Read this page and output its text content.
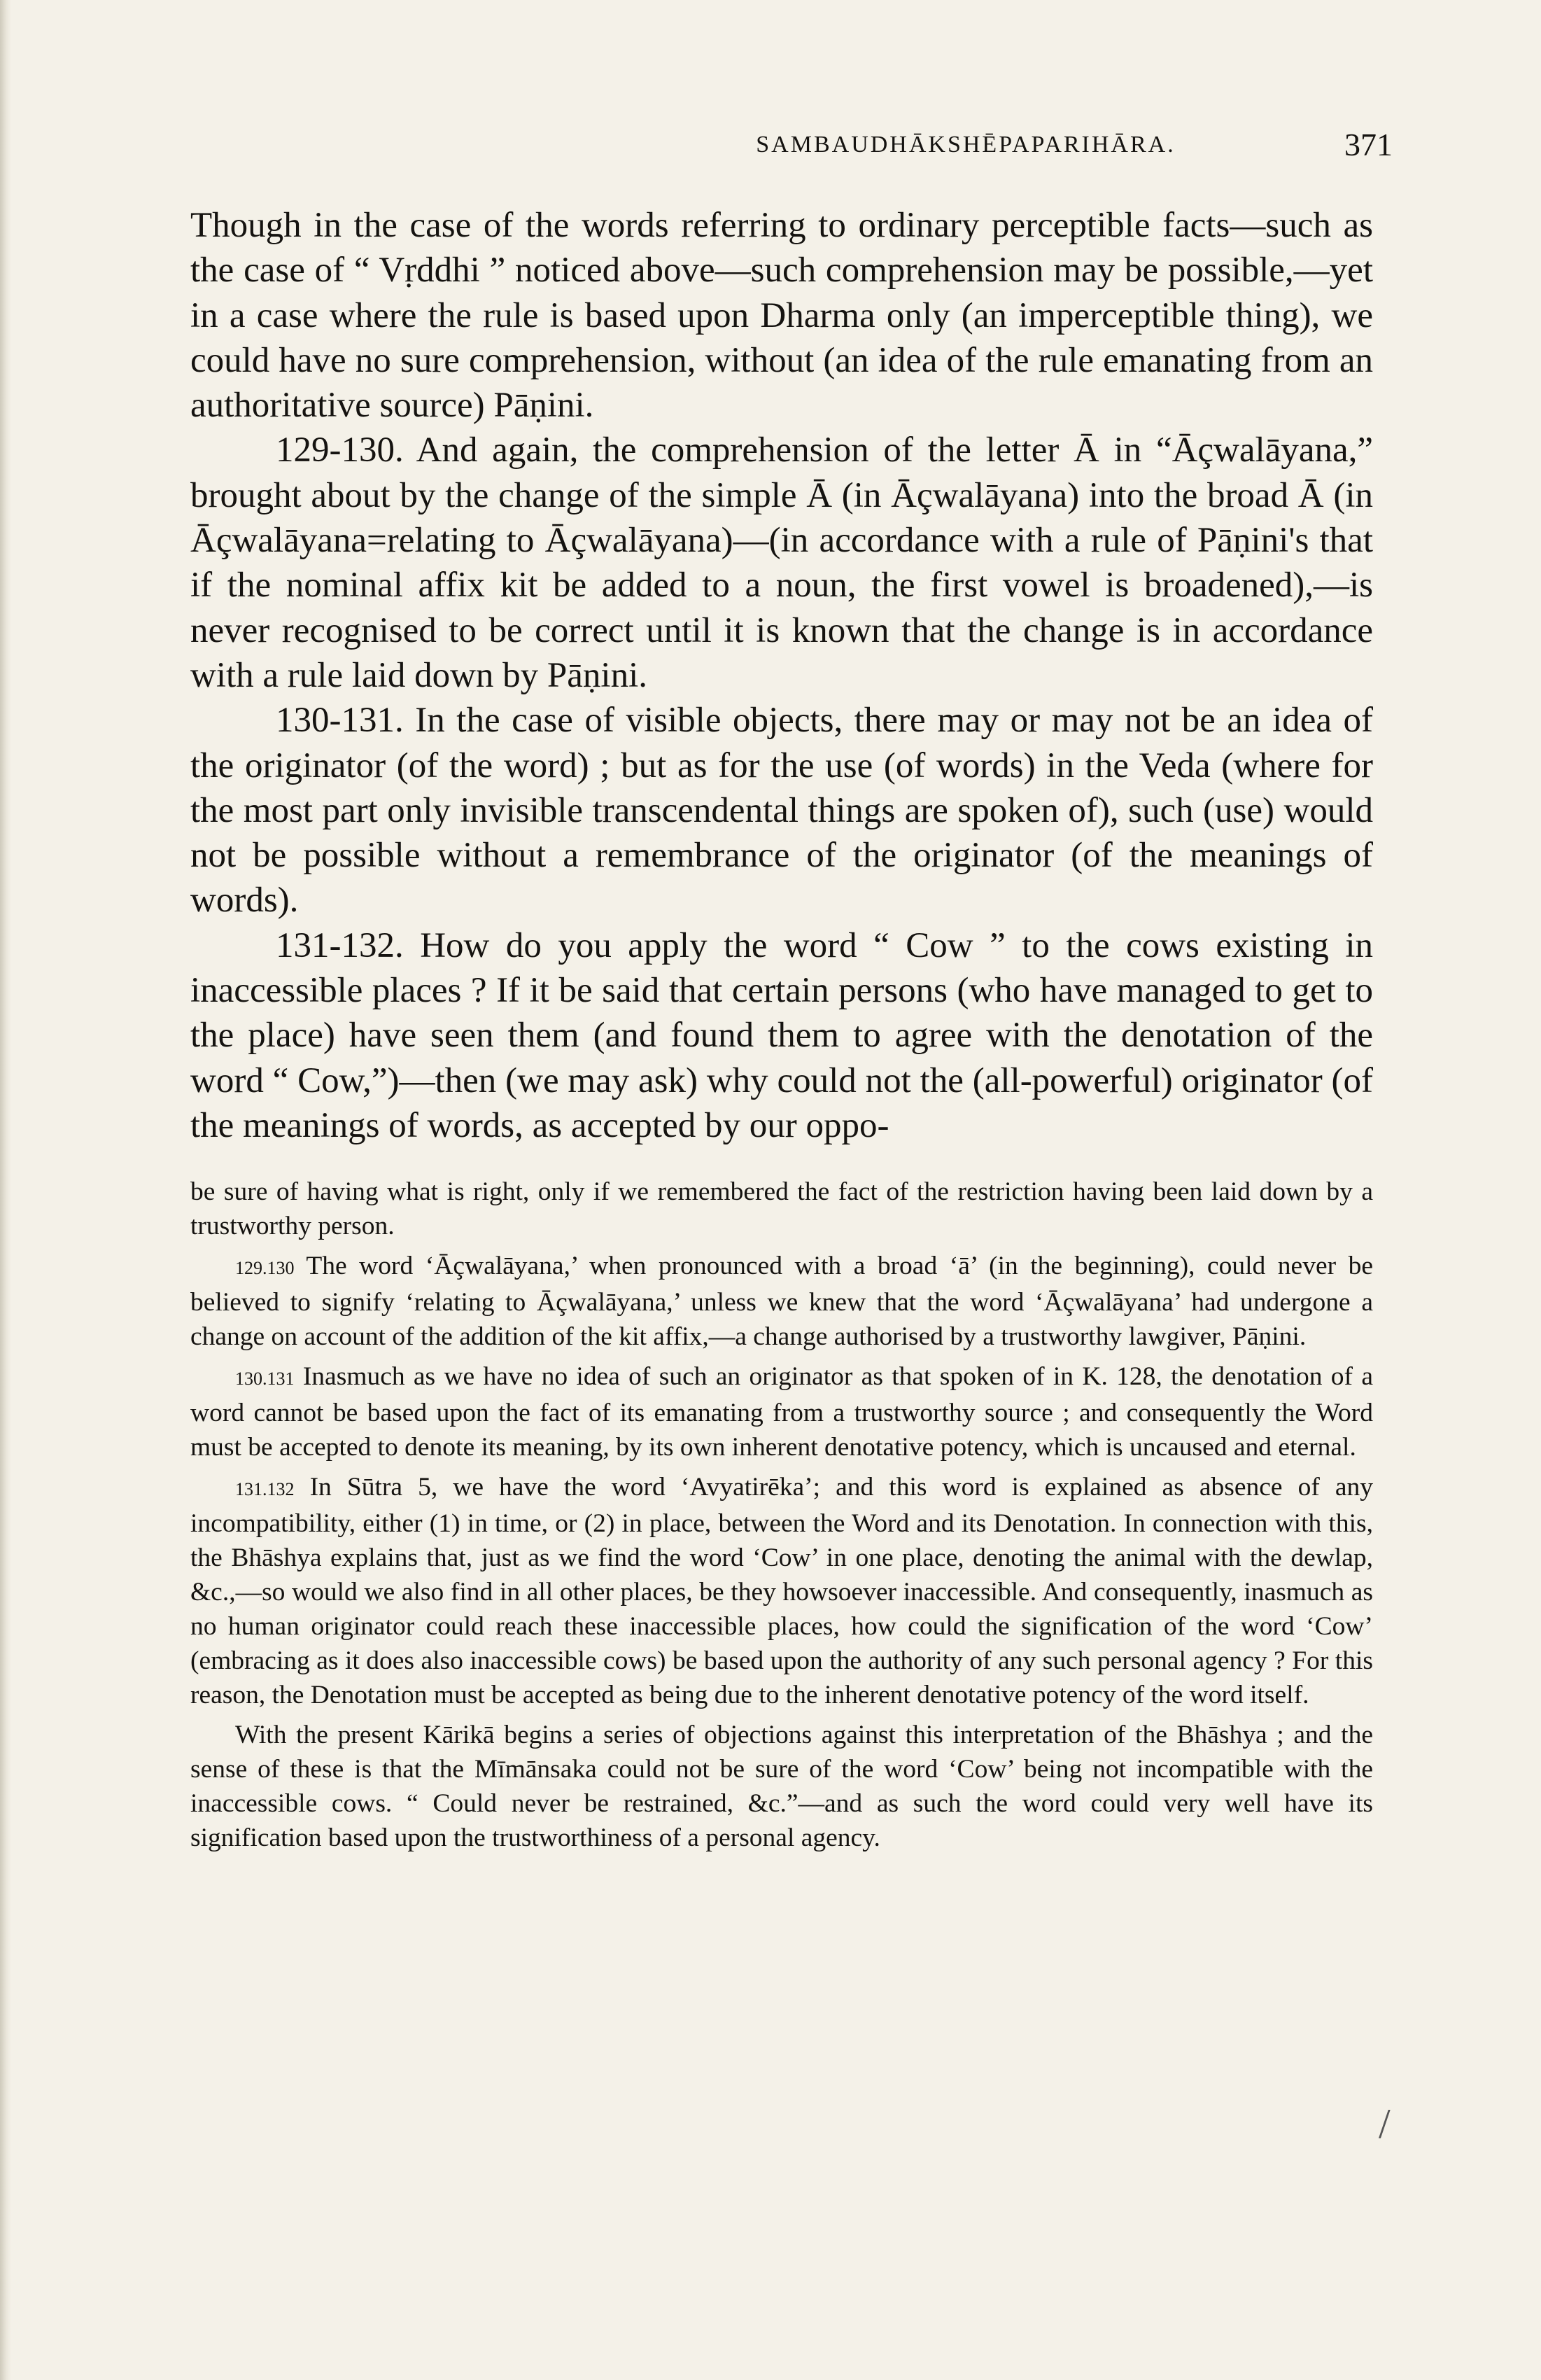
SAMBAUDHĀKSHĒPAPARIHĀRA.	371

Though in the case of the words referring to ordinary perceptible facts—such as the case of “ Vṛddhi ” noticed above—such comprehension may be possible,—yet in a case where the rule is based upon Dharma only (an imperceptible thing), we could have no sure comprehension, without (an idea of the rule emanating from an authoritative source) Pāṇini.

129-130. And again, the comprehension of the letter Ā in “Āçwalāyana,” brought about by the change of the simple Ā (in Āçwalāyana) into the broad Ā (in Āçwalāyana=relating to Āçwalāyana)—(in accordance with a rule of Pāṇini's that if the nominal affix kit be added to a noun, the first vowel is broadened),—is never recognised to be correct until it is known that the change is in accordance with a rule laid down by Pāṇini.

130-131. In the case of visible objects, there may or may not be an idea of the originator (of the word) ; but as for the use (of words) in the Veda (where for the most part only invisible transcendental things are spoken of), such (use) would not be possible without a remembrance of the originator (of the meanings of words).

131-132. How do you apply the word “ Cow ” to the cows existing in inaccessible places ? If it be said that certain persons (who have managed to get to the place) have seen them (and found them to agree with the denotation of the word “ Cow,”)—then (we may ask) why could not the (all-powerful) originator (of the meanings of words, as accepted by our oppo-

be sure of having what is right, only if we remembered the fact of the restriction having been laid down by a trustworthy person.

129.130 The word ‘Āçwalāyana,’ when pronounced with a broad ‘ā’ (in the beginning), could never be believed to signify ‘relating to Āçwalāyana,’ unless we knew that the word ‘Āçwalāyana’ had undergone a change on account of the addition of the kit affix,—a change authorised by a trustworthy lawgiver, Pāṇini.

130.131 Inasmuch as we have no idea of such an originator as that spoken of in K. 128, the denotation of a word cannot be based upon the fact of its emanating from a trustworthy source ; and consequently the Word must be accepted to denote its meaning, by its own inherent denotative potency, which is uncaused and eternal.

131.132 In Sūtra 5, we have the word ‘Avyatirēka’; and this word is explained as absence of any incompatibility, either (1) in time, or (2) in place, between the Word and its Denotation. In connection with this, the Bhāshya explains that, just as we find the word ‘Cow’ in one place, denoting the animal with the dewlap, &c.,—so would we also find in all other places, be they howsoever inaccessible. And consequently, inasmuch as no human originator could reach these inaccessible places, how could the signification of the word ‘Cow’ (embracing as it does also inaccessible cows) be based upon the authority of any such personal agency ? For this reason, the Denotation must be accepted as being due to the inherent denotative potency of the word itself.

With the present Kārikā begins a series of objections against this interpretation of the Bhāshya ; and the sense of these is that the Mīmānsaka could not be sure of the word ‘Cow’ being not incompatible with the inaccessible cows. “ Could never be restrained, &c.”—and as such the word could very well have its signification based upon the trustworthiness of a personal agency.

/
